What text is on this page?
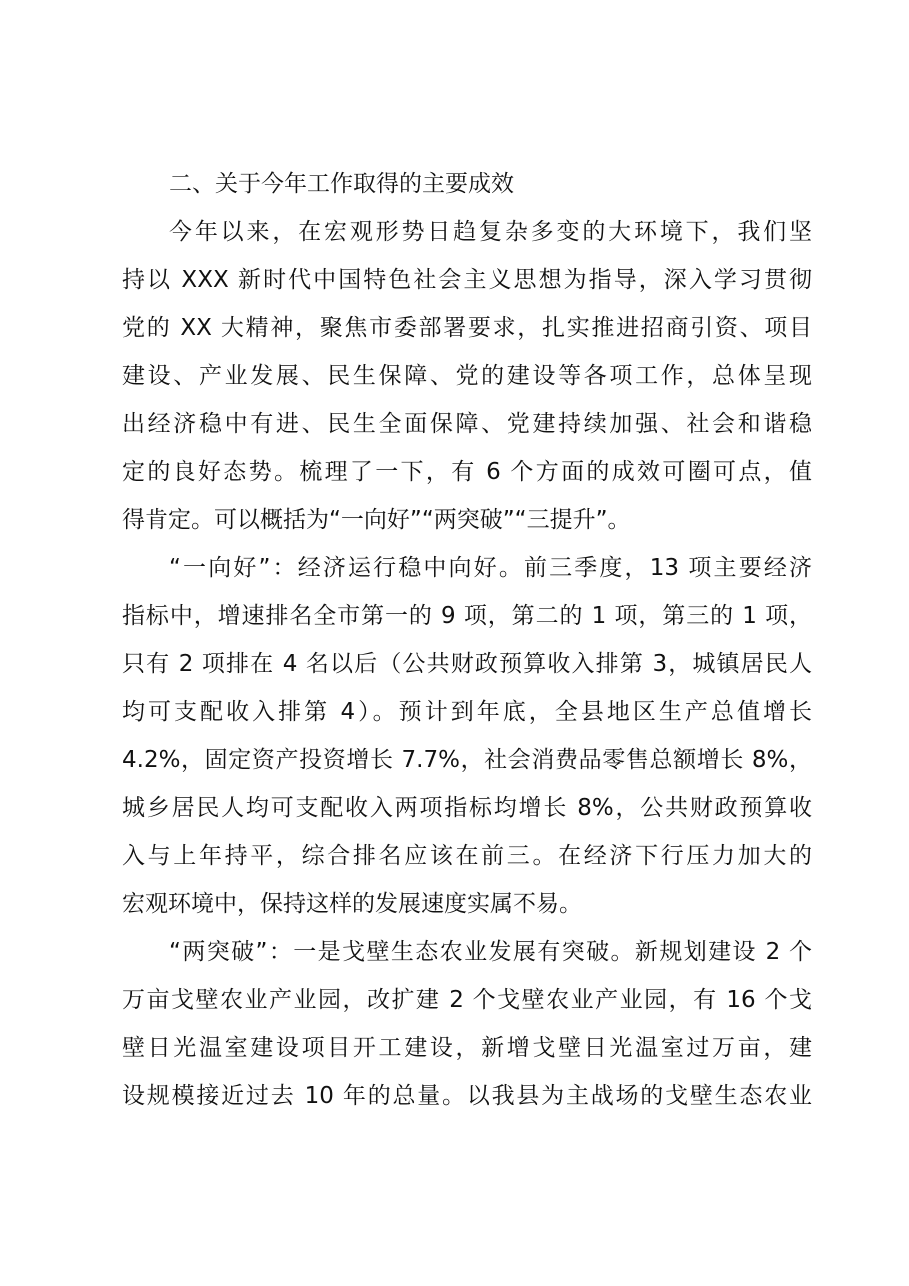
二、关于今年工作取得的主要成效
今年以来，在宏观形势日趋复杂多变的大环境下，我们坚
持以 XXX 新时代中国特色社会主义思想为指导，深入学习贯彻
党的 XX 大精神，聚焦市委部署要求，扎实推进招商引资、项目
建设、产业发展、民生保障、党的建设等各项工作，总体呈现
出经济稳中有进、民生全面保障、党建持续加强、社会和谐稳
定的良好态势。梳理了一下，有 6 个方面的成效可圈可点，值
得肯定。可以概括为“一向好”“两突破”“三提升”。
“一向好”：经济运行稳中向好。前三季度，13 项主要经济
指标中，增速排名全市第一的 9 项，第二的 1 项，第三的 1 项，
只有 2 项排在 4 名以后（公共财政预算收入排第 3，城镇居民人
均可支配收入排第 4）。预计到年底，全县地区生产总值增长
4.2%，固定资产投资增长 7.7%，社会消费品零售总额增长 8%，
城乡居民人均可支配收入两项指标均增长 8%，公共财政预算收
入与上年持平，综合排名应该在前三。在经济下行压力加大的
宏观环境中，保持这样的发展速度实属不易。
“两突破”：一是戈壁生态农业发展有突破。新规划建设 2 个
万亩戈壁农业产业园，改扩建 2 个戈壁农业产业园，有 16 个戈
壁日光温室建设项目开工建设，新增戈壁日光温室过万亩，建
设规模接近过去 10 年的总量。以我县为主战场的戈壁生态农业
